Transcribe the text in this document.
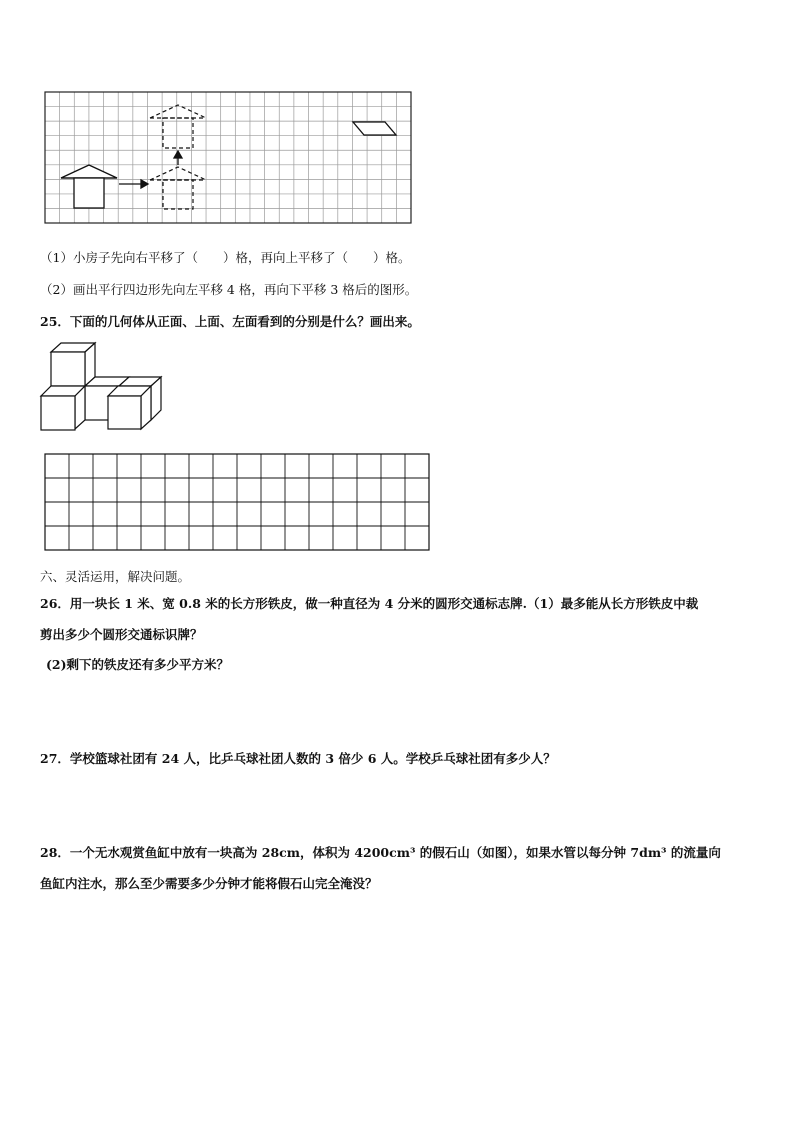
（1）小房子先向右平移了（　　）格，再向上平移了（　　）格。
（2）画出平行四边形先向左平移 4 格，再向下平移 3 格后的图形。
25．下面的几何体从正面、上面、左面看到的分别是什么？画出来。
六、灵活运用，解决问题。
26．用一块长 1 米、宽 0.8 米的长方形铁皮，做一种直径为 4 分米的圆形交通标志牌.（1）最多能从长方形铁皮中裁
剪出多少个圆形交通标识牌？
(2)剩下的铁皮还有多少平方米？
27．学校篮球社团有 24 人，比乒乓球社团人数的 3 倍少 6 人。学校乒乓球社团有多少人？
28．一个无水观赏鱼缸中放有一块高为 28cm，体积为 4200cm³ 的假石山（如图），如果水管以每分钟 7dm³ 的流量向
鱼缸内注水，那么至少需要多少分钟才能将假石山完全淹没？
